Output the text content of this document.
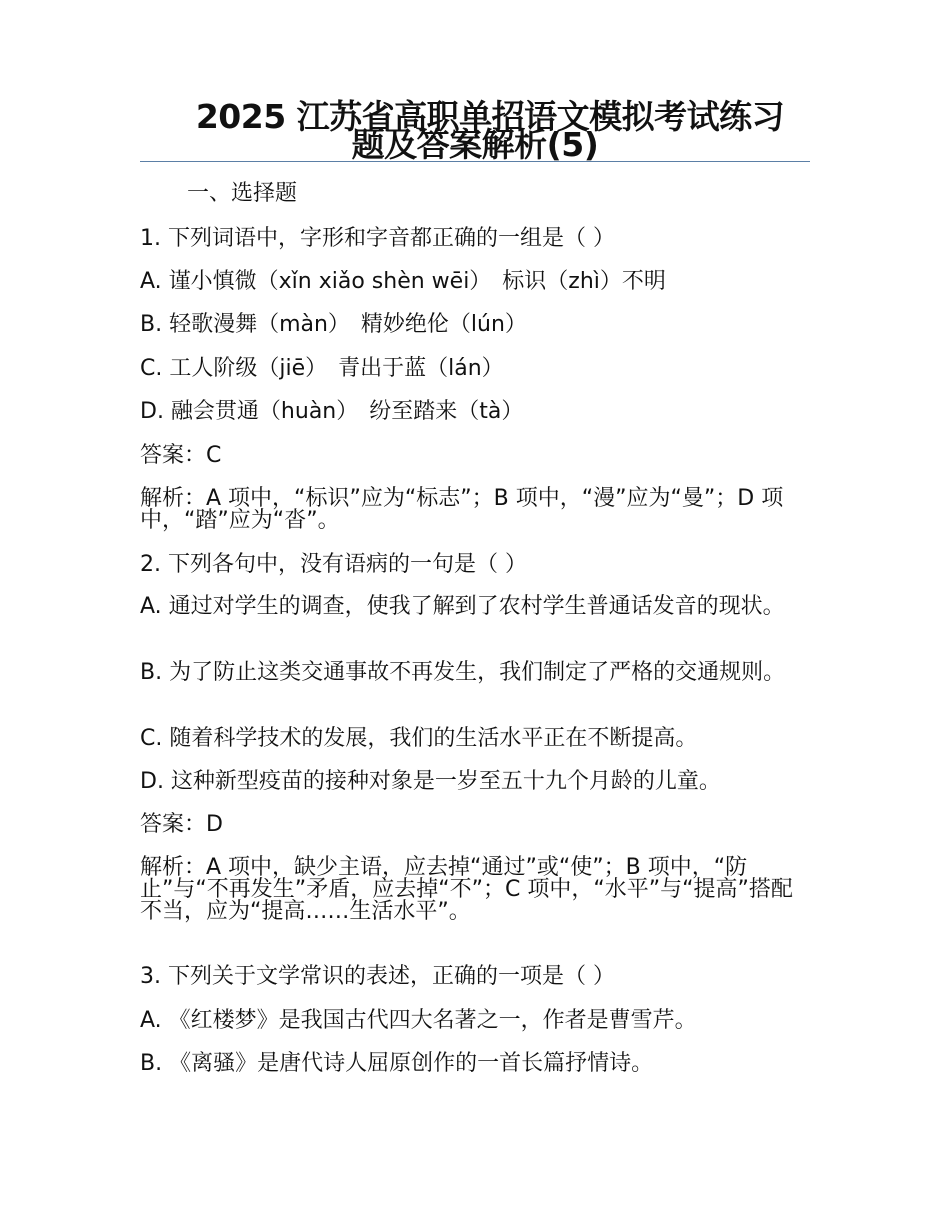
2025 江苏省高职单招语文模拟考试练习
题及答案解析(5)
一、选择题
1. 下列词语中，字形和字音都正确的一组是（ ）
A. 谨小慎微（xǐn xiǎo shèn wēi）　标识（zhì）不明
B. 轻歌漫舞（màn）　精妙绝伦（lún）
C. 工人阶级（jiē）　青出于蓝（lán）
D. 融会贯通（huàn）　纷至踏来（tà）
答案：C
解析：A 项中，“标识”应为“标志”；B 项中，“漫”应为“曼”；D 项中，“踏”应为“沓”。
2. 下列各句中，没有语病的一句是（ ）
A. 通过对学生的调查，使我了解到了农村学生普通话发音的现状。
B. 为了防止这类交通事故不再发生，我们制定了严格的交通规则。
C. 随着科学技术的发展，我们的生活水平正在不断提高。
D. 这种新型疫苗的接种对象是一岁至五十九个月龄的儿童。
答案：D
解析：A 项中，缺少主语，应去掉“通过”或“使”；B 项中，“防止”与“不再发生”矛盾，应去掉“不”；C 项中，“水平”与“提高”搭配不当，应为“提高……生活水平”。
3. 下列关于文学常识的表述，正确的一项是（ ）
A. 《红楼梦》是我国古代四大名著之一，作者是曹雪芹。
B. 《离骚》是唐代诗人屈原创作的一首长篇抒情诗。
